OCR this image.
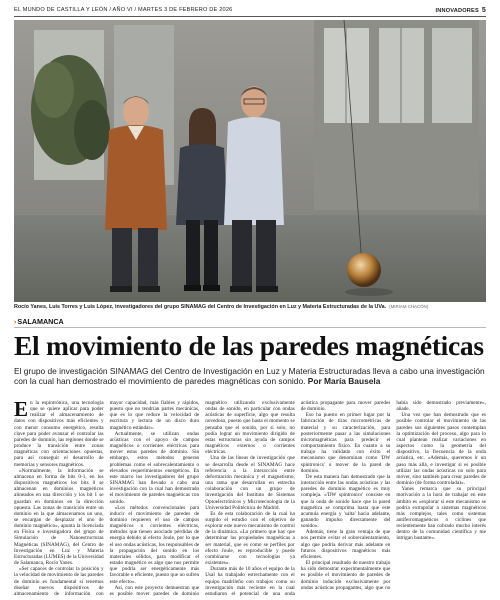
EL MUNDO DE CASTILLA Y LEÓN / AÑO VI / MARTES 3 DE FEBRERO DE 2026	INNOVADORES 5
Rocío Yanes, Luis Torres y Luis López, investigadores del grupo SINAMAG del Centro de Investigación en Luz y Materia Estructuradas de la UVa. (MIRIAM CHACÓN)
›SALAMANCA
El movimiento de las paredes magnéticas
El grupo de investigación SINAMAG del Centro de Investigación en Luz y Materia Estructuradas lleva a cabo una investigación con la cual han demostrado el movimiento de paredes magnéticas con sonido. Por María Bausela

En la espintrónica, una tecnología que se quiere aplicar para poder realizar el almacenamiento de datos con dispositivos más eficientes y con menor consumo energético, resulta clave para poder avanzar el controlar las paredes de dominio, las regiones donde se produce la transición entre zonas magnéticas con orientaciones opuestas, para así conseguir el desarrollo de memorias y sensores magnéticos.

«Normalmente, la información se almacena en forma de bits 0-1, en los dispositivos magnéticos los bits 0 se almacenan en dominios magnéticos alineados en una dirección y los bit 1 se guardan en dominios en la dirección opuesta. Las zonas de transición entre un dominio en la que almacenamos un uno, se encargan de desplazar el uno de dominio magnético», apunta la licenciada en Física e investigadora del grupo de Simulación de Nanoestructuras Magnéticas (SINAMAG), del Centro de Investigación en Luz y Materia Estructuradas (LUMES) de la Universidad de Salamanca, Rocío Yanes.

«Ser capaces de controlar la posición y la velocidad de movimiento de las paredes de dominio es fundamental si tenemos diseñar nuevos dispositivos de almacenamiento de información con mayor capacidad, más fiables y rápidos, puesto que no tendrían partes mecánicas, que es lo que reduce la velocidad de escritura y lectura de un disco duro magnético estándar».

Actualmente, se utilizan ondas acústicas con el apoyo de campos magnéticos o corrientes eléctricas para mover estas paredes de dominio. Sin embargo, estos métodos generan problemas como el sobrecalentamiento o elevados requerimientos energéticos. En este marco los investigadores del grupo SINAMAG han llevado a cabo una investigación con la cual han demostrado el movimiento de paredes magnéticas con sonido.

«Los métodos convencionales para inducir el movimiento de paredes de dominio requieren el uso de campos magnéticos o corrientes eléctricas, métodos que tienen asociado pérdidas de energía debido al efecto Joule, por lo que el uso ondas acústicas, los responsables de la propagación del sonido en los materiales sólidos, para modificar el estado magnético es algo que nos permite que podría ser energéticamente más favorable o eficiente, puesto que no sufren este efecto».

Así, con este proyecto demuestran que es posible mover paredes de dominio magnético utilizando exclusivamente ondas de sonido, en particular con ondas acústicas de superficie, algo que resulta novedoso, puesto que hasta el momento se pensaba que el sonido, por sí solo, no podía lograr un movimiento dirigido de estas estructuras sin ayuda de campos magnéticos externos o corrientes eléctricas.

Una de las líneas de investigación que se desarrolla desde el SINAMAG hace referencia a la interacción entre deformación mecánica y el magnetismo, una rama que desarrollan en estrecha colaboración con un grupo de investigación del Instituto de Sistemas Optoelectrónicos y Microtecnología de la Universidad Politécnica de Madrid.

Es de esta colaboración de la cual ha surgido el estudio con el objetivo de explorar este nuevo mecanismo de control de la dinámica. «Lo primero que hay que determinar las propiedades magnéticas a ser material, que es como se perfiles por efecto Joule, es reproducible y puede combinarse con tecnologías ya existentes».

Durante más de 10 años el equipo de la Usal ha trabajado estrechamente con el equipo madrileño con trabajos como su investigación más reciente en la cual estudiaron el potencial de una onda acústica propagante para mover paredes de dominio.

Eso ha puesto en primer lugar por la fabricación de tiras micrométricas de material y su caracterización, para posteriormente pasar a las simulaciones micromagnéticas para predecir el comportamiento físico. En cuanto a su trabajo ha validado con éxito el mecanismo que denominan como 'DW spintronics' o mover de la pared de dominio.

De esta manera han demostrado que la interacción entre las ondas acústicas y las paredes de dominio magnético es muy compleja. «'DW spintronics' consiste en que la onda de sonido hace que la pared magnética se comprima hasta que este acumula energía y 'salta' hacia adelante, ganando impulso directamente del sonido».

Además, tiene la gran ventaja de que nos permite evitar el sobrecalentamiento, algo que podría derivar más adelante en futuros dispositivos magnéticos más eficientes.

El principal resultado de nuestro trabajo ha sido demostrar experimentalmente que es posible el movimiento de paredes de dominio inducido exclusivamente por ondas acústicas propagantes, algo que no había sido demostrado previamente», añade.

Una vez que han demostrado que es posible controlar el movimiento de las paredes sus siguientes pasos contemplan la optimización del proceso, algo para lo cual plantean realizar variaciones en aspectos como la geometría del dispositivo, la frecuencia de la onda acústica, etc. «Además, queremos ir un paso más allá, e investigar si es posible utilizar las ondas acústicas no solo para mover, sino también para crear paredes de dominio (de forma controlada)».

Yanes remarca que su principal motivación a la hora de trabajar en este ámbito es «explorar si este mecanismo se podría extrapolar a sistemas magnéticos más complejos, tales como sistemas antiferromagnéticos o ciclines que recientemente han cobrado mucho interés dentro de la comunidad científica y me intrigan bastante».
